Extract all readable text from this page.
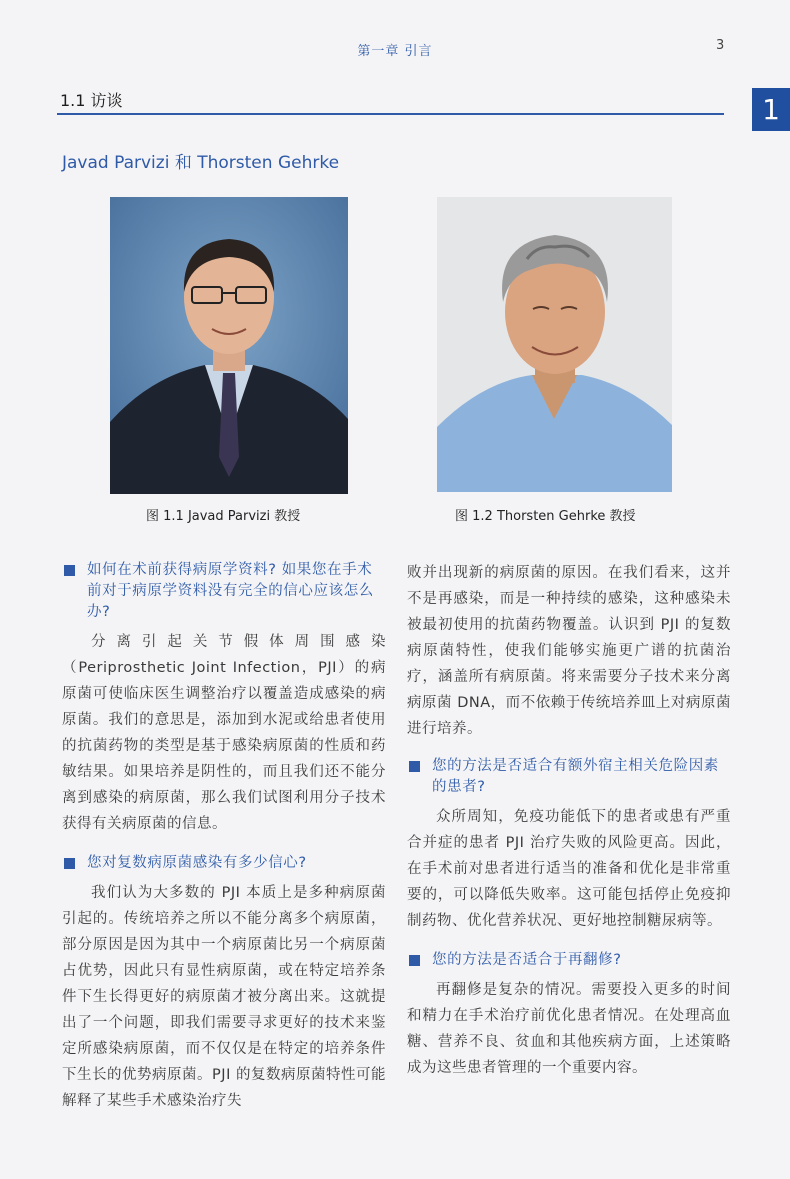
第一章 引言	3
1.1 访谈	1
Javad Parvizi 和 Thorsten Gehrke
图 1.1 Javad Parvizi 教授	图 1.2 Thorsten Gehrke 教授
如何在术前获得病原学资料? 如果您在手术前对于病原学资料没有完全的信心应该怎么办?

分离引起关节假体周围感染（Periprosthetic Joint Infection，PJI）的病原菌可使临床医生调整治疗以覆盖造成感染的病原菌。我们的意思是，添加到水泥或给患者使用的抗菌药物的类型是基于感染病原菌的性质和药敏结果。如果培养是阴性的，而且我们还不能分离到感染的病原菌，那么我们试图利用分子技术获得有关病原菌的信息。

您对复数病原菌感染有多少信心?

我们认为大多数的 PJI 本质上是多种病原菌引起的。传统培养之所以不能分离多个病原菌，部分原因是因为其中一个病原菌比另一个病原菌占优势，因此只有显性病原菌，或在特定培养条件下生长得更好的病原菌才被分离出来。这就提出了一个问题，即我们需要寻求更好的技术来鉴定所感染病原菌，而不仅仅是在特定的培养条件下生长的优势病原菌。PJI 的复数病原菌特性可能解释了某些手术感染治疗失

败并出现新的病原菌的原因。在我们看来，这并不是再感染，而是一种持续的感染，这种感染未被最初使用的抗菌药物覆盖。认识到 PJI 的复数病原菌特性，使我们能够实施更广谱的抗菌治疗，涵盖所有病原菌。将来需要分子技术来分离病原菌 DNA，而不依赖于传统培养皿上对病原菌进行培养。

您的方法是否适合有额外宿主相关危险因素的患者?

众所周知，免疫功能低下的患者或患有严重合并症的患者 PJI 治疗失败的风险更高。因此，在手术前对患者进行适当的准备和优化是非常重要的，可以降低失败率。这可能包括停止免疫抑制药物、优化营养状况、更好地控制糖尿病等。

您的方法是否适合于再翻修?

再翻修是复杂的情况。需要投入更多的时间和精力在手术治疗前优化患者情况。在处理高血糖、营养不良、贫血和其他疾病方面，上述策略成为这些患者管理的一个重要内容。
